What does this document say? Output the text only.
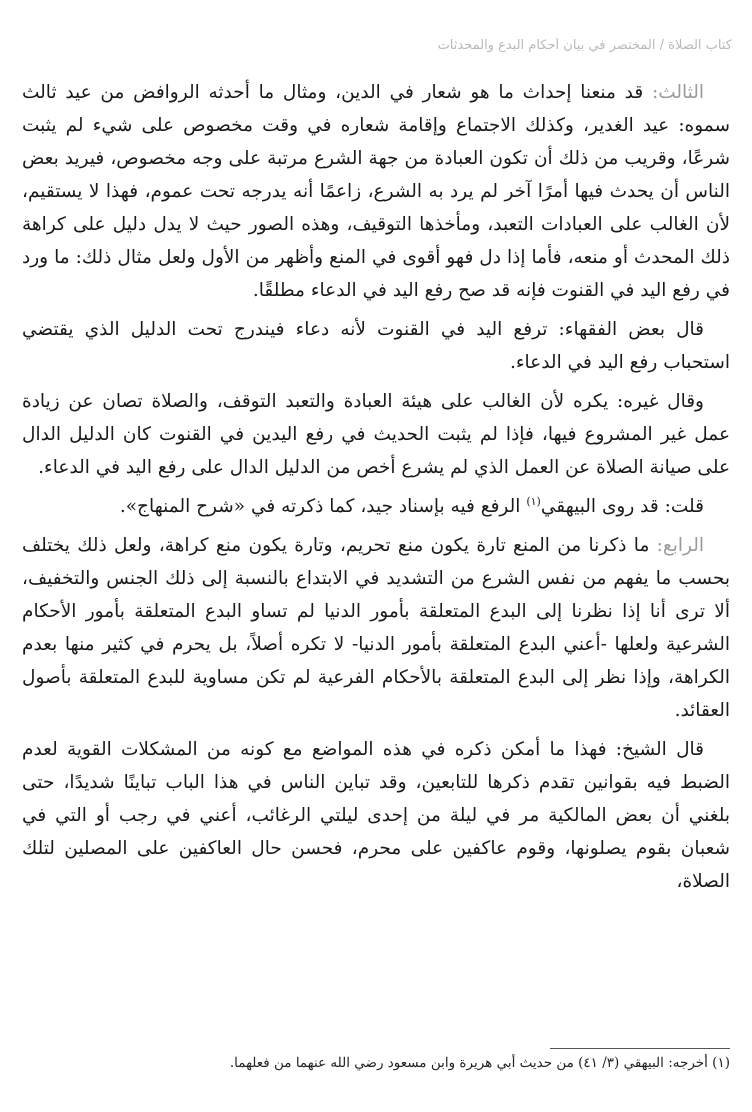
كتاب الصلاة / المختصر في بيان أحكام البدع والمحدثات

الثالث: قد منعنا إحداث ما هو شعار في الدين، ومثال ما أحدثه الروافض من عيد ثالث سموه: عيد الغدير، وكذلك الاجتماع وإقامة شعاره في وقت مخصوص على شيء لم يثبت شرعًا، وقريب من ذلك أن تكون العبادة من جهة الشرع مرتبة على وجه مخصوص، فيريد بعض الناس أن يحدث فيها أمرًا آخر لم يرد به الشرع، زاعمًا أنه يدرجه تحت عموم، فهذا لا يستقيم، لأن الغالب على العبادات التعبد، ومأخذها التوقيف، وهذه الصور حيث لا يدل دليل على كراهة ذلك المحدث أو منعه، فأما إذا دل فهو أقوى في المنع وأظهر من الأول ولعل مثال ذلك: ما ورد في رفع اليد في القنوت فإنه قد صح رفع اليد في الدعاء مطلقًا.

قال بعض الفقهاء: ترفع اليد في القنوت لأنه دعاء فيندرج تحت الدليل الذي يقتضي استحباب رفع اليد في الدعاء.

وقال غيره: يكره لأن الغالب على هيئة العبادة والتعبد التوقف، والصلاة تصان عن زيادة عمل غير المشروع فيها، فإذا لم يثبت الحديث في رفع اليدين في القنوت كان الدليل الدال على صيانة الصلاة عن العمل الذي لم يشرع أخص من الدليل الدال على رفع اليد في الدعاء.

قلت: قد روى البيهقي$^{(١)}$ الرفع فيه بإسناد جيد، كما ذكرته في «شرح المنهاج».

الرابع: ما ذكرنا من المنع تارة يكون منع تحريم، وتارة يكون منع كراهة، ولعل ذلك يختلف بحسب ما يفهم من نفس الشرع من التشديد في الابتداع بالنسبة إلى ذلك الجنس والتخفيف، ألا ترى أنا إذا نظرنا إلى البدع المتعلقة بأمور الدنيا لم تساو البدع المتعلقة بأمور الأحكام الشرعية ولعلها -أعني البدع المتعلقة بأمور الدنيا- لا تكره أصلاً، بل يحرم في كثير منها بعدم الكراهة، وإذا نظر إلى البدع المتعلقة بالأحكام الفرعية لم تكن مساوية للبدع المتعلقة بأصول العقائد.

قال الشيخ: فهذا ما أمكن ذكره في هذه المواضع مع كونه من المشكلات القوية لعدم الضبط فيه بقوانين تقدم ذكرها للتابعين، وقد تباين الناس في هذا الباب تباينًا شديدًا، حتى بلغني أن بعض المالكية مر في ليلة من إحدى ليلتي الرغائب، أعني في رجب أو التي في شعبان بقوم يصلونها، وقوم عاكفين على محرم، فحسن حال العاكفين على المصلين لتلك الصلاة،

(١) أخرجه: البيهقي (٣/ ٤١) من حديث أبي هريرة وابن مسعود رضي الله عنهما من فعلهما.
